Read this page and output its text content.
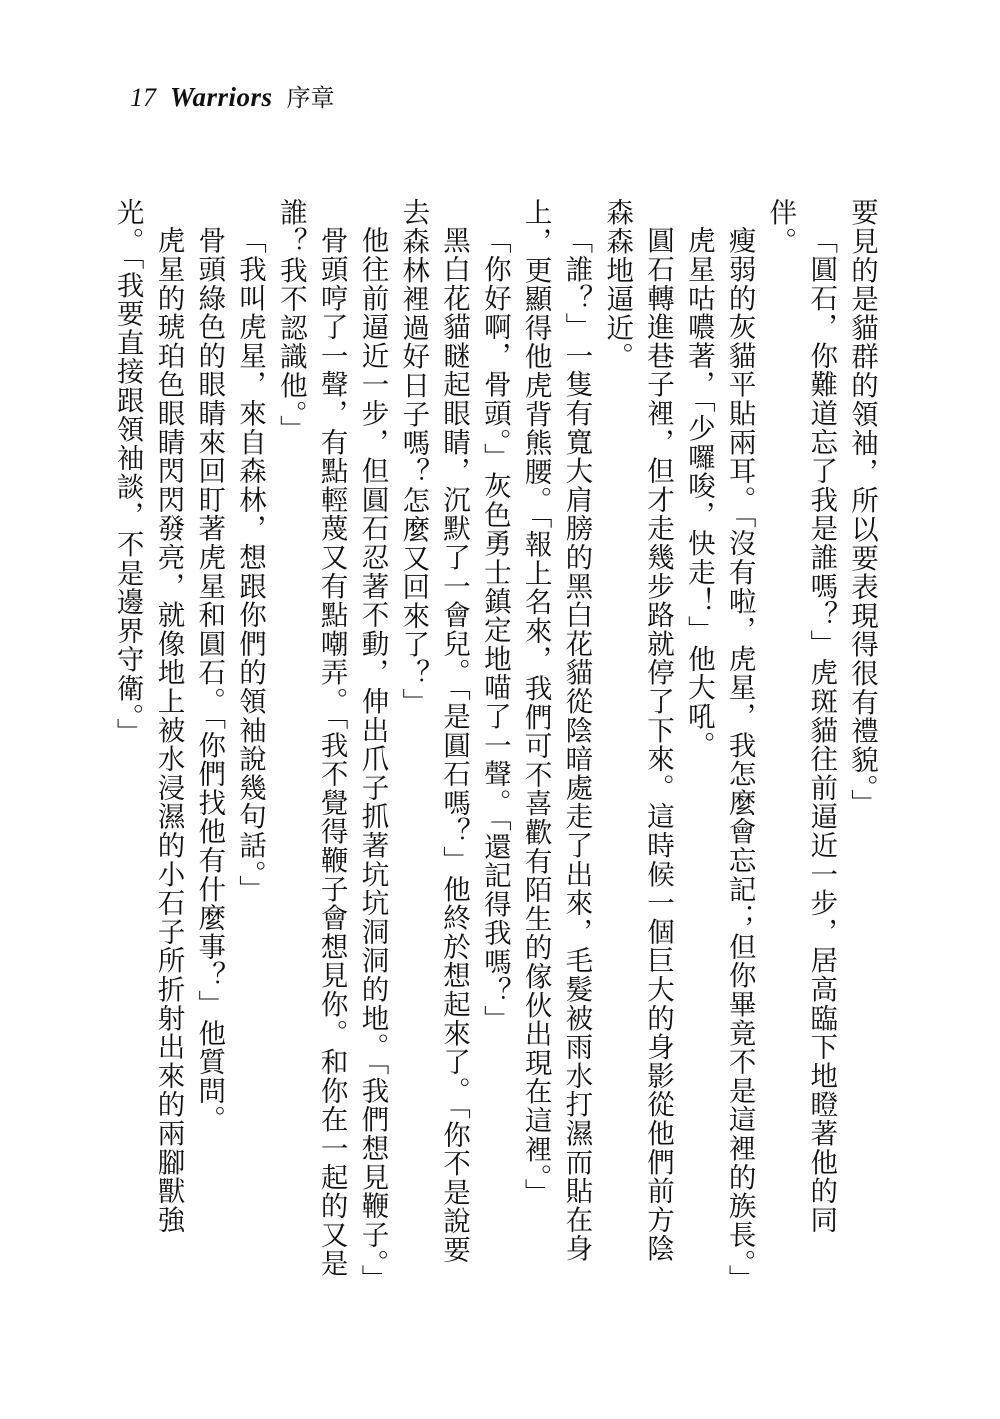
17 Warriors 序章

要見的是貓群的領袖，所以要表現得很有禮貌。」

「圓石，你難道忘了我是誰嗎？」虎斑貓往前逼近一步，居高臨下地瞪著他的同伴。

瘦弱的灰貓平貼兩耳。「沒有啦，虎星，我怎麼會忘記；但你畢竟不是這裡的族長。」

虎星咕噥著，「少囉唆，快走！」他大吼。

圓石轉進巷子裡，但才走幾步路就停了下來。這時候一個巨大的身影從他們前方陰森森地逼近。

「誰？」一隻有寬大肩膀的黑白花貓從陰暗處走了出來，毛髮被雨水打濕而貼在身上，更顯得他虎背熊腰。「報上名來，我們可不喜歡有陌生的傢伙出現在這裡。」

「你好啊，骨頭。」灰色勇士鎮定地喵了一聲。「還記得我嗎？」

黑白花貓瞇起眼睛，沉默了一會兒。「是圓石嗎？」他終於想起來了。「你不是說要去森林裡過好日子嗎？怎麼又回來了？」

他往前逼近一步，但圓石忍著不動，伸出爪子抓著坑坑洞洞的地。「我們想見鞭子。」

骨頭哼了一聲，有點輕蔑又有點嘲弄。「我不覺得鞭子會想見你。和你在一起的又是誰？我不認識他。」

「我叫虎星，來自森林，想跟你們的領袖說幾句話。」

骨頭綠色的眼睛來回盯著虎星和圓石。「你們找他有什麼事？」他質問。

虎星的琥珀色眼睛閃閃發亮，就像地上被水浸濕的小石子所折射出來的兩腳獸強光。「我要直接跟領袖談，不是邊界守衛。」
